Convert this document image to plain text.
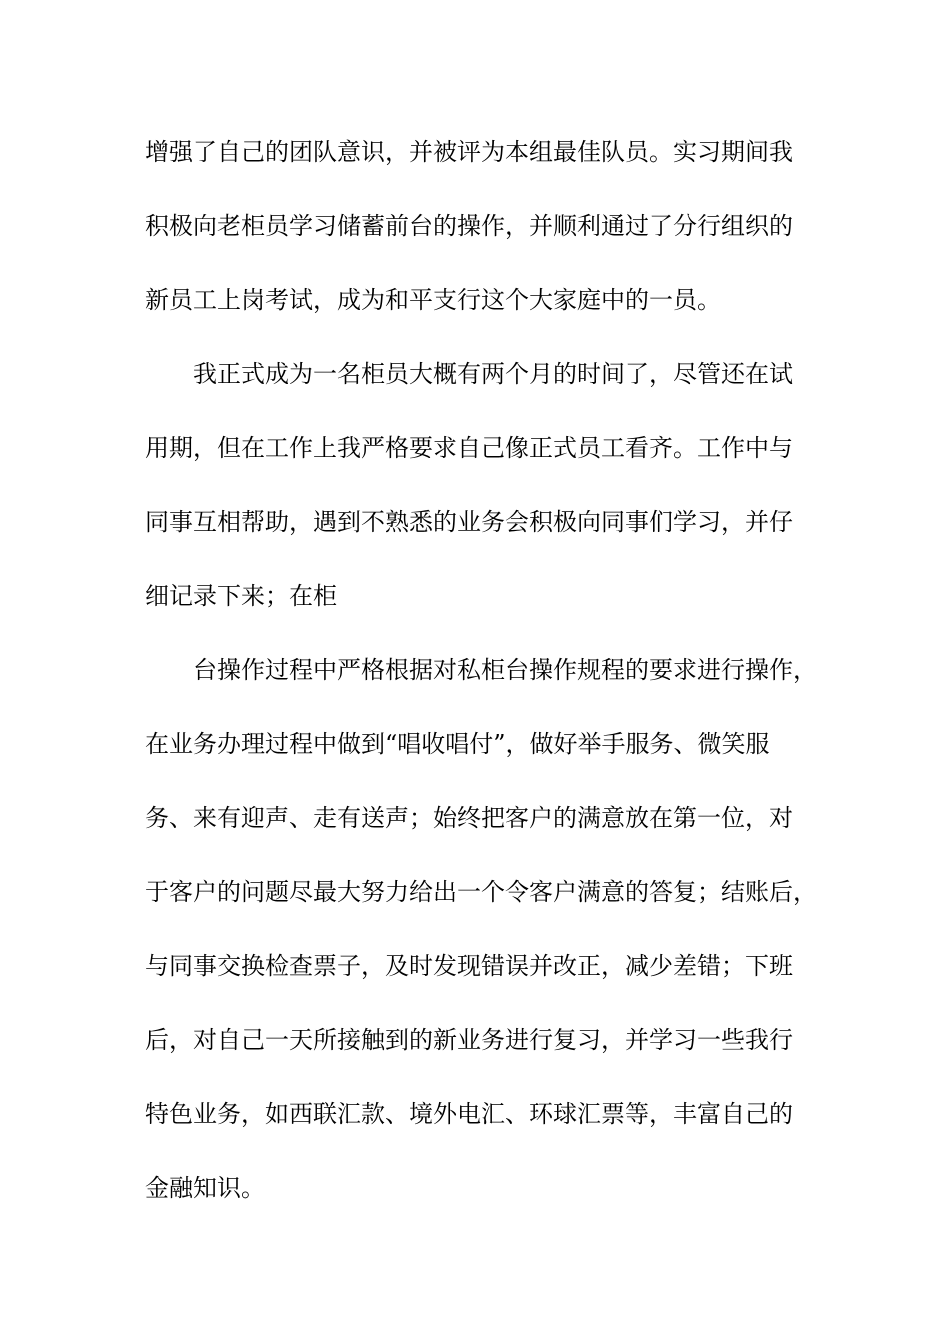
增强了自己的团队意识，并被评为本组最佳队员。实习期间我
积极向老柜员学习储蓄前台的操作，并顺利通过了分行组织的
新员工上岗考试，成为和平支行这个大家庭中的一员。
我正式成为一名柜员大概有两个月的时间了，尽管还在试
用期，但在工作上我严格要求自己像正式员工看齐。工作中与
同事互相帮助，遇到不熟悉的业务会积极向同事们学习，并仔
细记录下来；在柜
台操作过程中严格根据对私柜台操作规程的要求进行操作，
在业务办理过程中做到“唱收唱付”，做好举手服务、微笑服
务、来有迎声、走有送声；始终把客户的满意放在第一位，对
于客户的问题尽最大努力给出一个令客户满意的答复；结账后，
与同事交换检查票子，及时发现错误并改正，减少差错；下班
后，对自己一天所接触到的新业务进行复习，并学习一些我行
特色业务，如西联汇款、境外电汇、环球汇票等，丰富自己的
金融知识。
